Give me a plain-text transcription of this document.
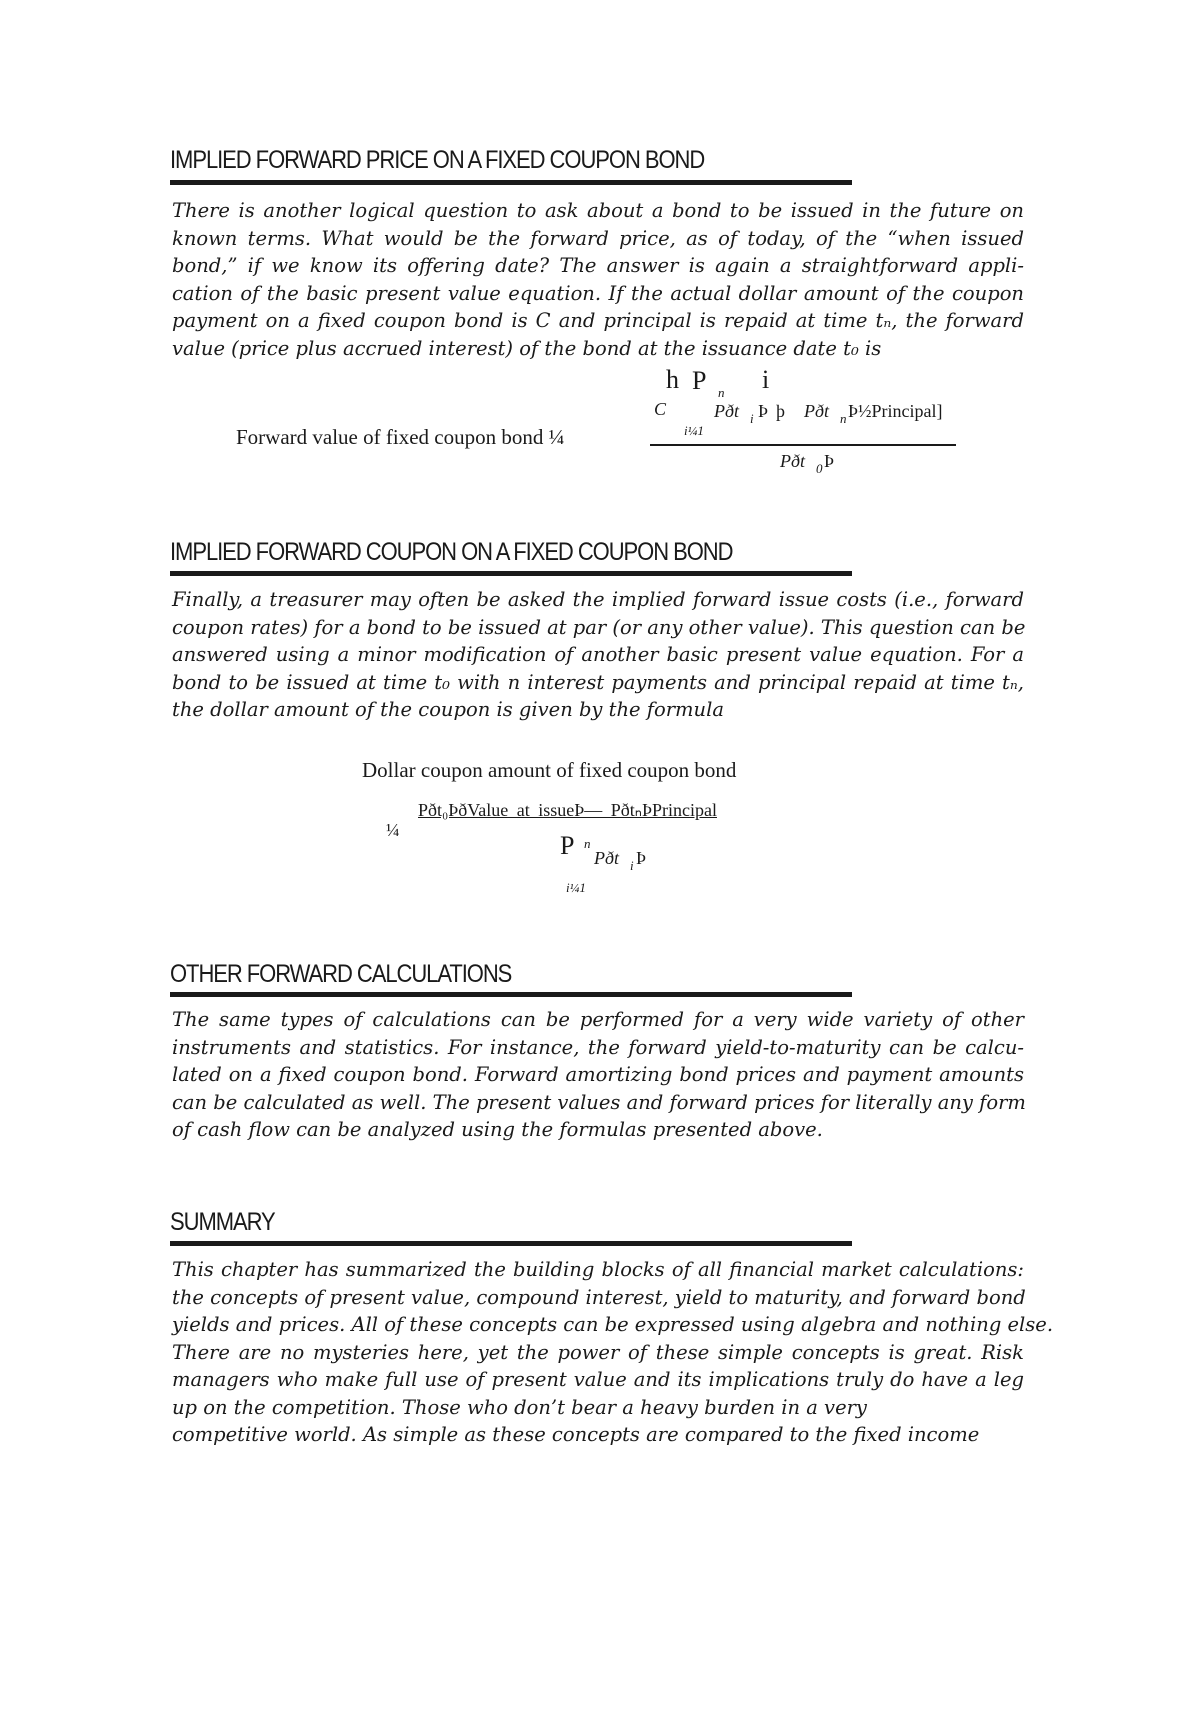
IMPLIED FORWARD PRICE ON A FIXED COUPON BOND
There is another logical question to ask about a bond to be issued in the future on
known terms. What would be the forward price, as of today, of the “when issued
bond,” if we know its offering date? The answer is again a straightforward appli-
cation of the basic present value equation. If the actual dollar amount of the coupon
payment on a fixed coupon bond is C and principal is repaid at time tₙ, the forward
value (price plus accrued interest) of the bond at the issuance date t₀ is
h P n i
C
i¼1
Pðt i Þ þ Pðt n Þ½Principal]
Forward value of fixed coupon bond ¼
Pðt 0 Þ
IMPLIED FORWARD COUPON ON A FIXED COUPON BOND
Finally, a treasurer may often be asked the implied forward issue costs (i.e., forward
coupon rates) for a bond to be issued at par (or any other value). This question can be
answered using a minor modification of another basic present value equation. For a
bond to be issued at time t₀ with n interest payments and principal repaid at time tₙ,
the dollar amount of the coupon is given by the formula
Dollar coupon amount of fixed coupon bond
¼
Pðt₀ÞðValue at issueÞ— PðtₙÞPrincipal
P n
Pðt i Þ
i¼1
OTHER FORWARD CALCULATIONS
The same types of calculations can be performed for a very wide variety of other
instruments and statistics. For instance, the forward yield-to-maturity can be calcu-
lated on a fixed coupon bond. Forward amortizing bond prices and payment amounts
can be calculated as well. The present values and forward prices for literally any form
of cash flow can be analyzed using the formulas presented above.
SUMMARY
This chapter has summarized the building blocks of all financial market calculations:
the concepts of present value, compound interest, yield to maturity, and forward bond
yields and prices. All of these concepts can be expressed using algebra and nothing else.
There are no mysteries here, yet the power of these simple concepts is great. Risk
managers who make full use of present value and its implications truly do have a leg
up on the competition. Those who don’t bear a heavy burden in a very
competitive world. As simple as these concepts are compared to the fixed income
